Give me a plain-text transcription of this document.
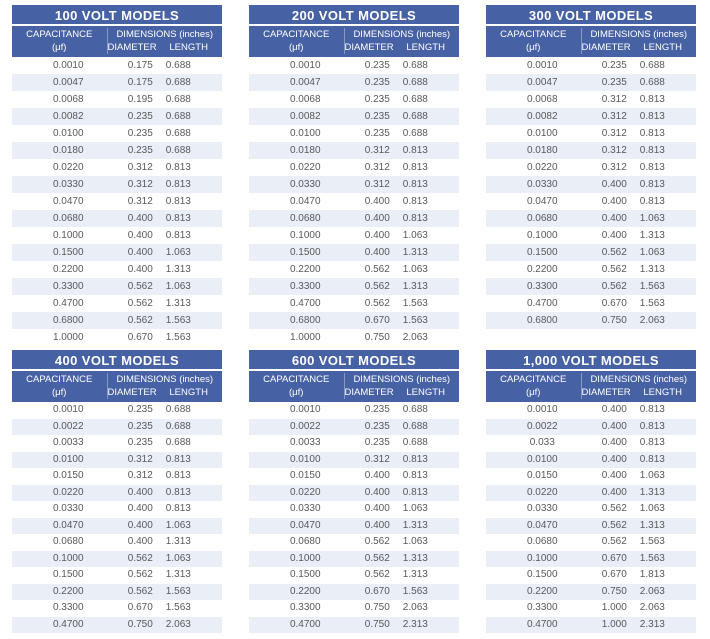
100 VOLT MODELS
CAPACITANCE
(μf)
DIMENSIONS (inches)
DIAMETER	LENGTH
0.0010	0.175	0.688
0.0047	0.175	0.688
0.0068	0.195	0.688
0.0082	0.235	0.688
0.0100	0.235	0.688
0.0180	0.235	0.688
0.0220	0.312	0.813
0.0330	0.312	0.813
0.0470	0.312	0.813
0.0680	0.400	0.813
0.1000	0.400	0.813
0.1500	0.400	1.063
0.2200	0.400	1.313
0.3300	0.562	1.063
0.4700	0.562	1.313
0.6800	0.562	1.563
1.0000	0.670	1.563
200 VOLT MODELS
CAPACITANCE
(μf)
DIMENSIONS (inches)
DIAMETER	LENGTH
0.0010	0.235	0.688
0.0047	0.235	0.688
0.0068	0.235	0.688
0.0082	0.235	0.688
0.0100	0.235	0.688
0.0180	0.312	0.813
0.0220	0.312	0.813
0.0330	0.312	0.813
0.0470	0.400	0.813
0.0680	0.400	0.813
0.1000	0.400	1.063
0.1500	0.400	1.313
0.2200	0.562	1.063
0.3300	0.562	1.313
0.4700	0.562	1.563
0.6800	0.670	1.563
1.0000	0.750	2.063
300 VOLT MODELS
CAPACITANCE
(μf)
DIMENSIONS (inches)
DIAMETER	LENGTH
0.0010	0.235	0.688
0.0047	0.235	0.688
0.0068	0.312	0.813
0.0082	0.312	0.813
0.0100	0.312	0.813
0.0180	0.312	0.813
0.0220	0.312	0.813
0.0330	0.400	0.813
0.0470	0.400	0.813
0.0680	0.400	1.063
0.1000	0.400	1.313
0.1500	0.562	1.063
0.2200	0.562	1.313
0.3300	0.562	1.563
0.4700	0.670	1.563
0.6800	0.750	2.063
400 VOLT MODELS
CAPACITANCE
(μf)
DIMENSIONS (inches)
DIAMETER	LENGTH
0.0010	0.235	0.688
0.0022	0.235	0.688
0.0033	0.235	0.688
0.0100	0.312	0.813
0.0150	0.312	0.813
0.0220	0.400	0.813
0.0330	0.400	0.813
0.0470	0.400	1.063
0.0680	0.400	1.313
0.1000	0.562	1.063
0.1500	0.562	1.313
0.2200	0.562	1.563
0.3300	0.670	1.563
0.4700	0.750	2.063
600 VOLT MODELS
CAPACITANCE
(μf)
DIMENSIONS (inches)
DIAMETER	LENGTH
0.0010	0.235	0.688
0.0022	0.235	0.688
0.0033	0.235	0.688
0.0100	0.312	0.813
0.0150	0.400	0.813
0.0220	0.400	0.813
0.0330	0.400	1.063
0.0470	0.400	1.313
0.0680	0.562	1.063
0.1000	0.562	1.313
0.1500	0.562	1.313
0.2200	0.670	1.563
0.3300	0.750	2.063
0.4700	0.750	2.313
1,000 VOLT MODELS
CAPACITANCE
(μf)
DIMENSIONS (inches)
DIAMETER	LENGTH
0.0010	0.400	0.813
0.0022	0.400	0.813
0.033	0.400	0.813
0.0100	0.400	0.813
0.0150	0.400	1.063
0.0220	0.400	1.313
0.0330	0.562	1.063
0.0470	0.562	1.313
0.0680	0.562	1.563
0.1000	0.670	1.563
0.1500	0.670	1.813
0.2200	0.750	2.063
0.3300	1.000	2.063
0.4700	1.000	2.313
